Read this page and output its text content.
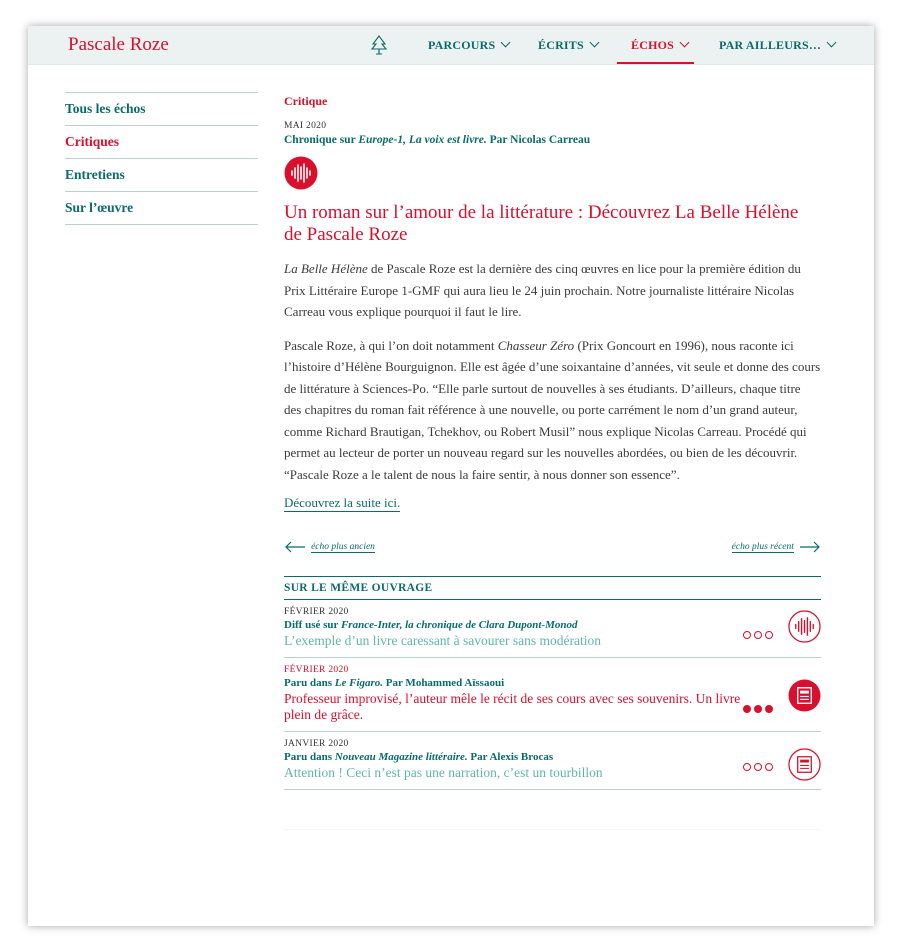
Pascale Roze	PARCOURS	ÉCRITS	ÉCHOS	PAR AILLEURS…
Tous les échos
Critiques
Entretiens
Sur l’œuvre
Critique
MAI 2020
Chronique sur Europe-1, La voix est livre. Par Nicolas Carreau
Un roman sur l’amour de la littérature : Découvrez La Belle Hélène de Pascale Roze
La Belle Hélène de Pascale Roze est la dernière des cinq œuvres en lice pour la première édition du Prix Littéraire Europe 1-GMF qui aura lieu le 24 juin prochain. Notre journaliste littéraire Nicolas Carreau vous explique pourquoi il faut le lire.
Pascale Roze, à qui l’on doit notamment Chasseur Zéro (Prix Goncourt en 1996), nous raconte ici l’histoire d’Hélène Bourguignon. Elle est âgée d’une soixantaine d’années, vit seule et donne des cours de littérature à Sciences-Po. “Elle parle surtout de nouvelles à ses étudiants. D’ailleurs, chaque titre des chapitres du roman fait référence à une nouvelle, ou porte carrément le nom d’un grand auteur, comme Richard Brautigan, Tchekhov, ou Robert Musil” nous explique Nicolas Carreau. Procédé qui permet au lecteur de porter un nouveau regard sur les nouvelles abordées, ou bien de les découvrir. “Pascale Roze a le talent de nous la faire sentir, à nous donner son essence”.
Découvrez la suite ici.
$^{écho plus ancien}$	$^{écho plus récent}$
SUR LE MÊME OUVRAGE
FÉVRIER 2020
Diff usé sur France-Inter, la chronique de Clara Dupont-Monod
L’exemple d’un livre caressant à savourer sans modération
FÉVRIER 2020
Paru dans Le Figaro. Par Mohammed Aïssaoui
Professeur improvisé, l’auteur mêle le récit de ses cours avec ses souvenirs. Un livre plein de grâce.
JANVIER 2020
Paru dans Nouveau Magazine littéraire. Par Alexis Brocas
Attention ! Ceci n’est pas une narration, c’est un tourbillon
